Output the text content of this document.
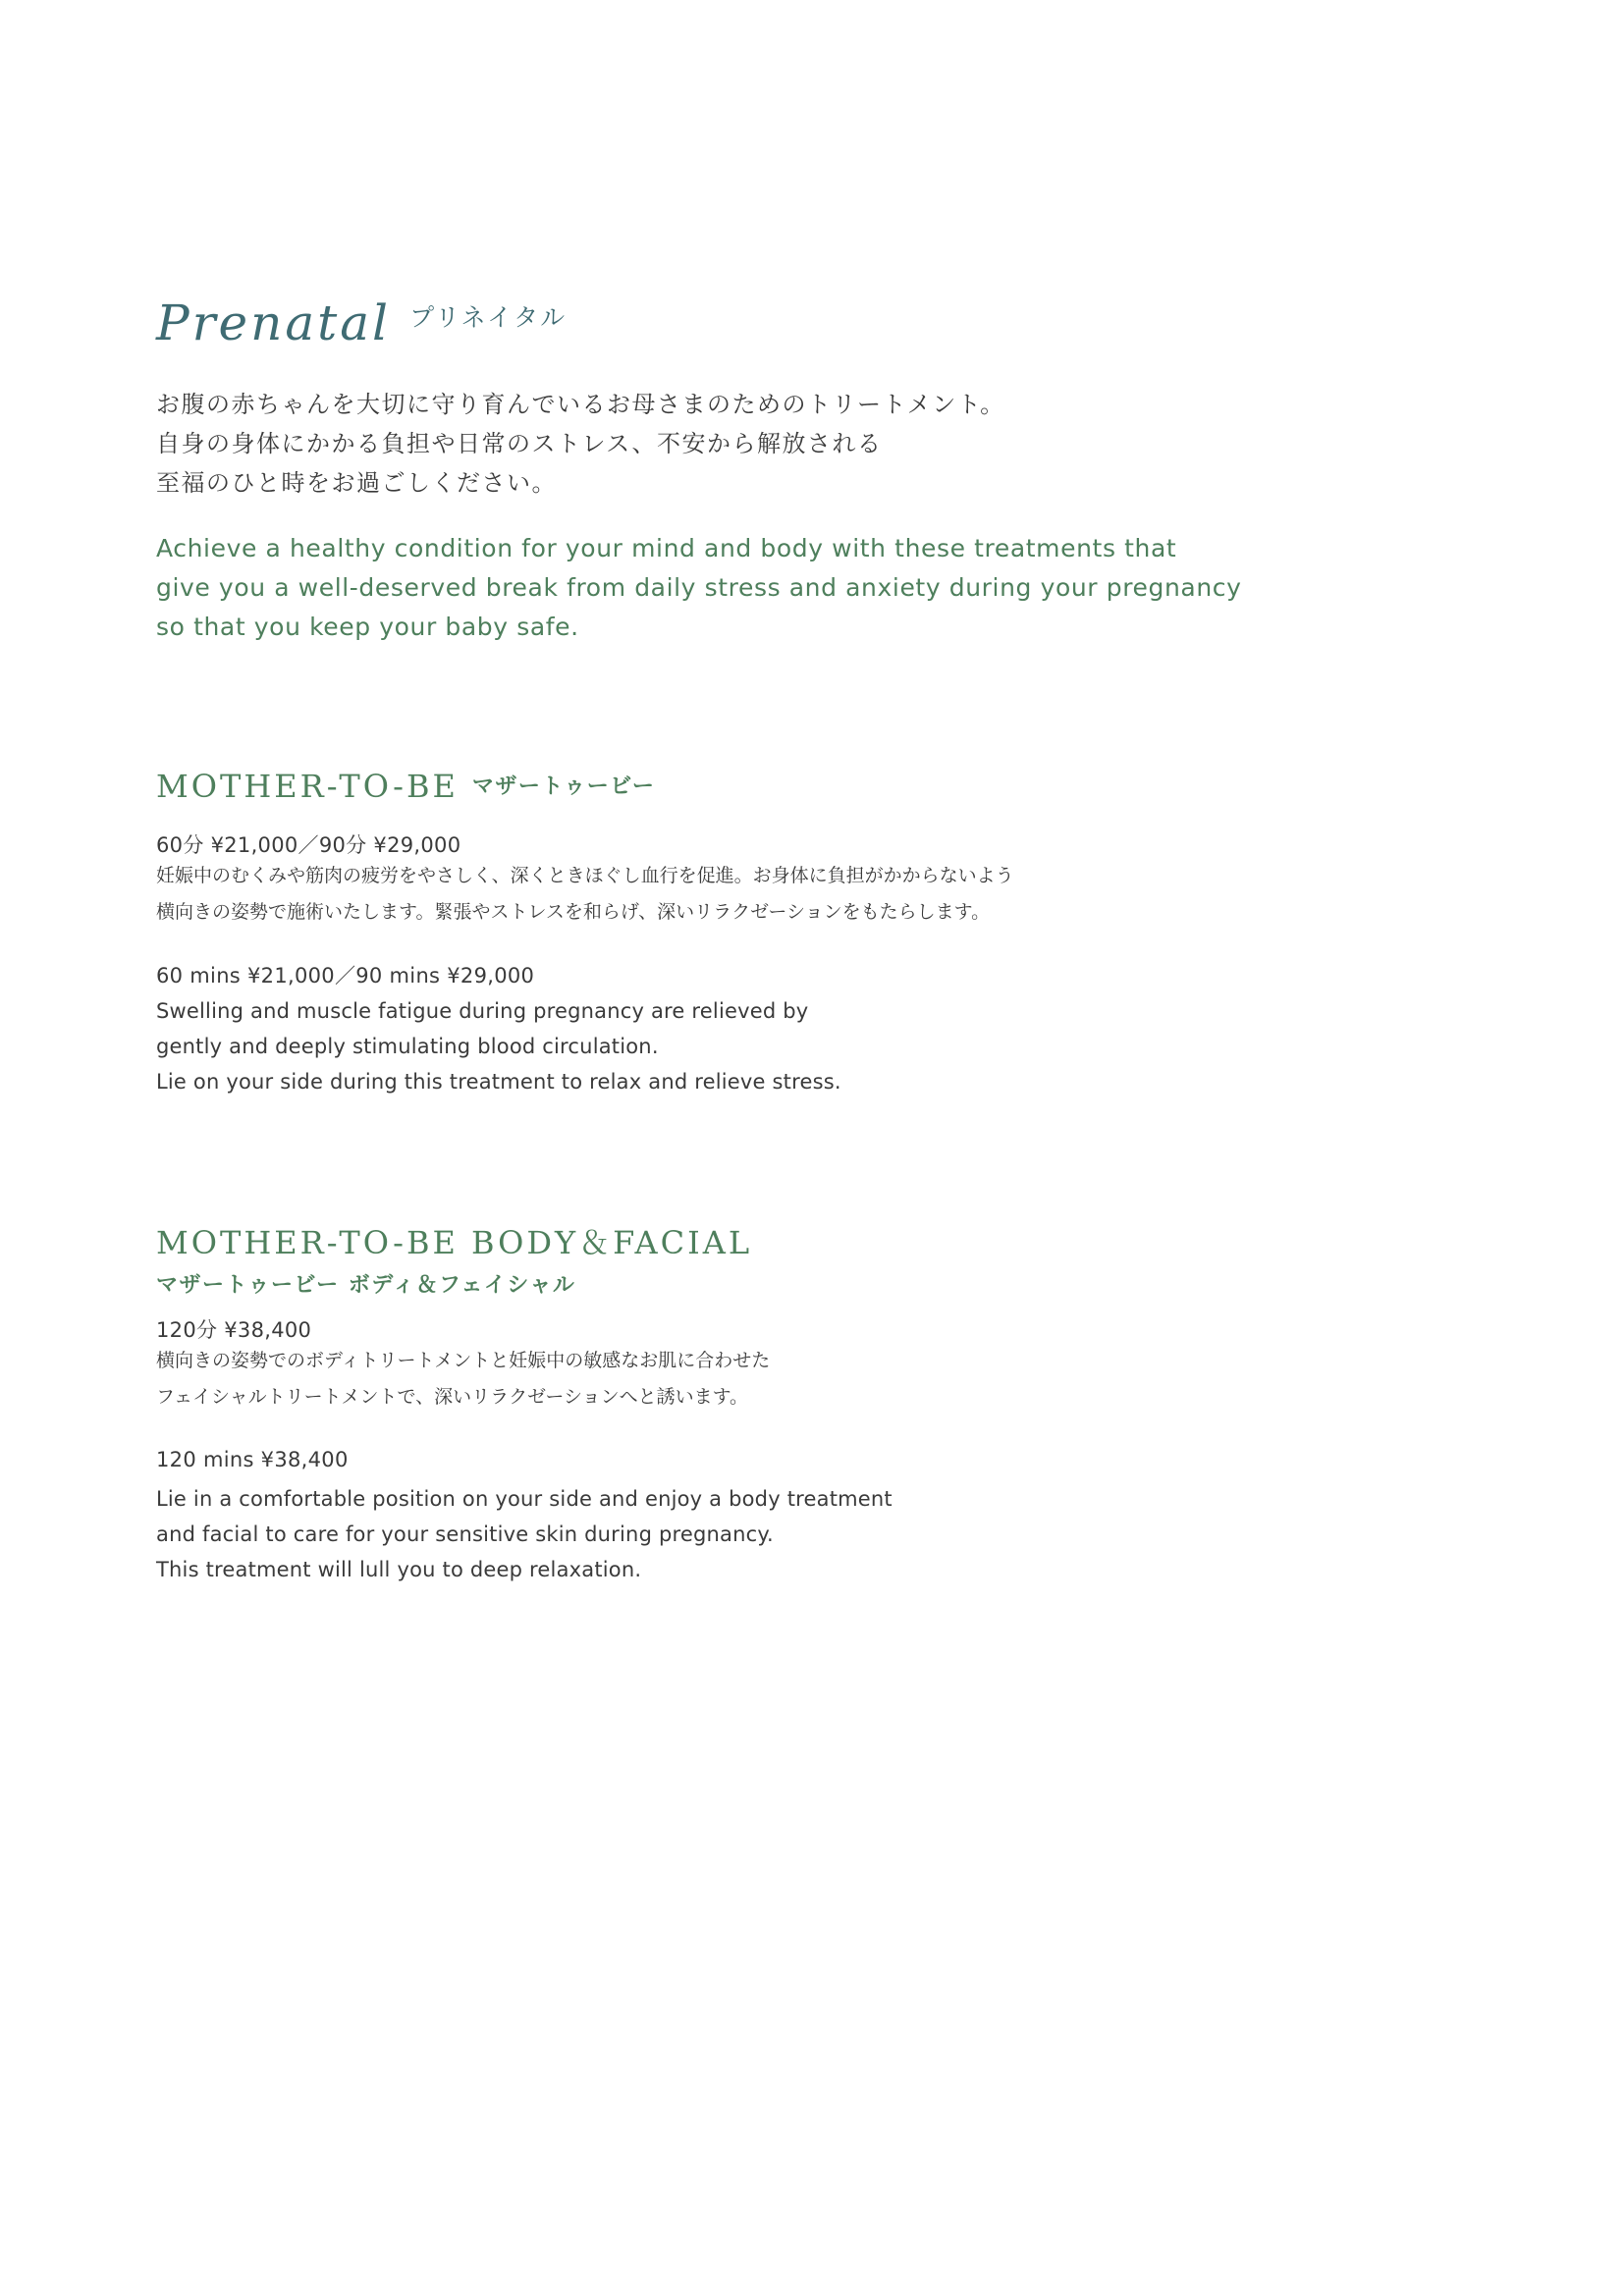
Prenatal プリネイタル
お腹の赤ちゃんを大切に守り育んでいるお母さまのためのトリートメント。
自身の身体にかかる負担や日常のストレス、不安から解放される
至福のひと時をお過ごしください。
Achieve a healthy condition for your mind and body with these treatments that
give you a well-deserved break from daily stress and anxiety during your pregnancy
so that you keep your baby safe.
MOTHER-TO-BE マザートゥービー
60分 ¥21,000／90分 ¥29,000
妊娠中のむくみや筋肉の疲労をやさしく、深くときほぐし血行を促進。お身体に負担がかからないよう
横向きの姿勢で施術いたします。緊張やストレスを和らげ、深いリラクゼーションをもたらします。
60 mins ¥21,000／90 mins ¥29,000
Swelling and muscle fatigue during pregnancy are relieved by
gently and deeply stimulating blood circulation.
Lie on your side during this treatment to relax and relieve stress.
MOTHER-TO-BE BODY＆FACIAL
マザートゥービー ボディ＆フェイシャル
120分 ¥38,400
横向きの姿勢でのボディトリートメントと妊娠中の敏感なお肌に合わせた
フェイシャルトリートメントで、深いリラクゼーションへと誘います。
120 mins ¥38,400
Lie in a comfortable position on your side and enjoy a body treatment
and facial to care for your sensitive skin during pregnancy.
This treatment will lull you to deep relaxation.
